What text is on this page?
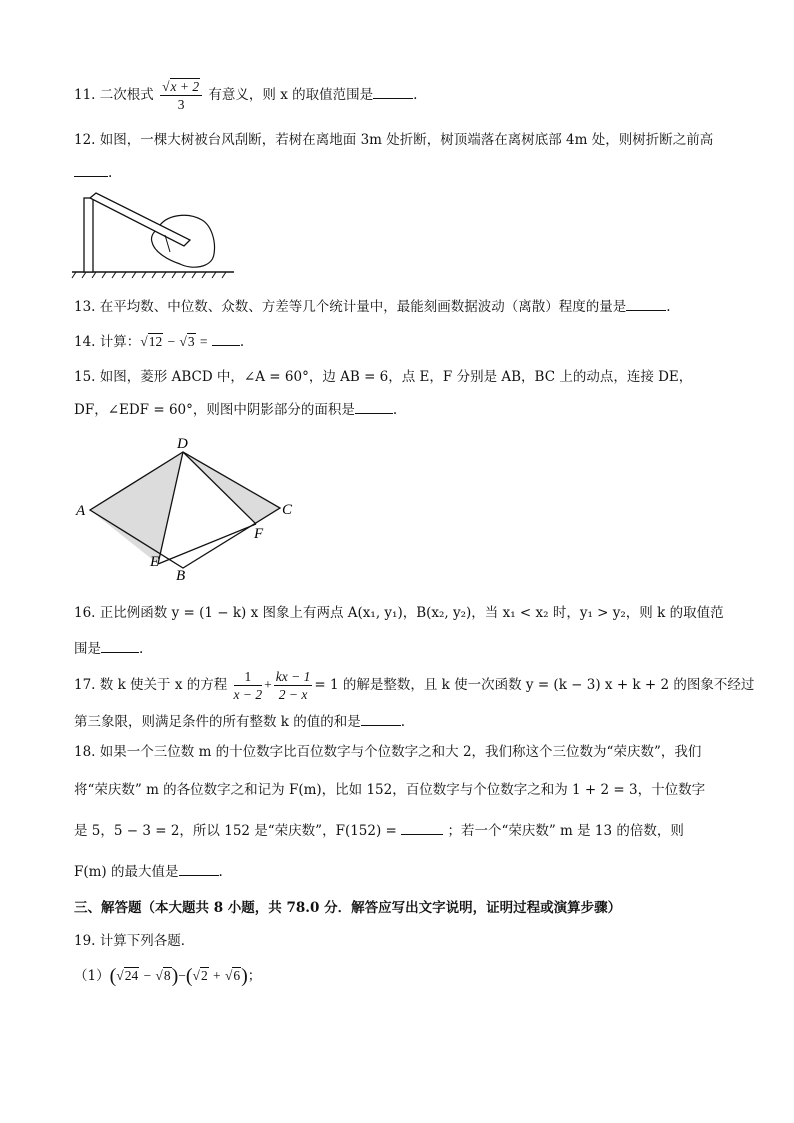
11. 二次根式 $\frac{√x + 2}{3}$ 有意义，则 x 的取值范围是	.
12. 如图，一棵大树被台风刮断，若树在离地面 3m 处折断，树顶端落在离树底部 4m 处，则树折断之前高
.
13. 在平均数、中位数、众数、方差等几个统计量中，最能刻画数据波动（离散）程度的量是	.
14. 计算：√12 − √3 = .
15. 如图，菱形 ABCD 中，∠A = 60°，边 AB = 6，点 E，F 分别是 AB，BC 上的动点，连接 DE，
DF，∠EDF = 60°，则图中阴影部分的面积是	.
D
A	C
F
E
B
16. 正比例函数 y = (1 − k) x 图象上有两点 A(x₁, y₁)，B(x₂, y₂)，当 x₁ < x₂ 时，y₁ > y₂，则 k 的取值范
围是	.
17. 数 k 使关于 x 的方程 $\frac{1}{x - 2} + \frac{kx - 1}{2 - x} = 1$ 的解是整数，且 k 使一次函数 y = (k − 3) x + k + 2 的图象不经过
第三象限，则满足条件的所有整数 k 的值的和是	.
18. 如果一个三位数 m 的十位数字比百位数字与个位数字之和大 2，我们称这个三位数为“荣庆数”，我们
将“荣庆数” m 的各位数字之和记为 F(m)，比如 152，百位数字与个位数字之和为 1 + 2 = 3，十位数字
是 5，5 − 3 = 2，所以 152 是“荣庆数”，F(152) =	；若一个“荣庆数” m 是 13 的倍数，则
F(m) 的最大值是	.
三、解答题（本大题共 8 小题，共 78.0 分．解答应写出文字说明，证明过程或演算步骤）
19. 计算下列各题．
（1）(√24 − √8)−(√2 + √6)；
